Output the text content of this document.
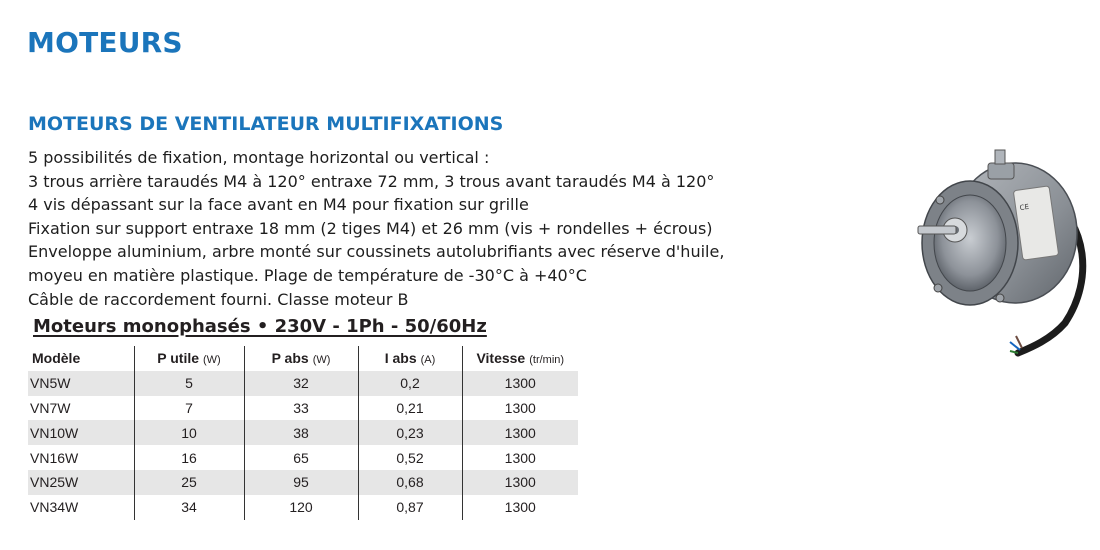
MOTEURS
MOTEURS DE VENTILATEUR MULTIFIXATIONS
5 possibilités de fixation, montage horizontal ou vertical :
3 trous arrière taraudés M4 à 120° entraxe 72 mm, 3 trous avant taraudés M4 à 120°
4 vis dépassant sur la face avant en M4 pour fixation sur grille
Fixation sur support entraxe 18 mm (2 tiges M4) et 26 mm (vis + rondelles + écrous)
Enveloppe aluminium, arbre monté sur coussinets autolubrifiants avec réserve d'huile,
moyeu en matière plastique. Plage de température de -30°C à +40°C
Câble de raccordement fourni. Classe moteur B
Moteurs monophasés • 230V - 1Ph - 50/60Hz
Modèle	P utile (W)	P abs (W)	I abs (A)	Vitesse (tr/min)
VN5W	5	32	0,2	1300
VN7W	7	33	0,21	1300
VN10W	10	38	0,23	1300
VN16W	16	65	0,52	1300
VN25W	25	95	0,68	1300
VN34W	34	120	0,87	1300
CE
